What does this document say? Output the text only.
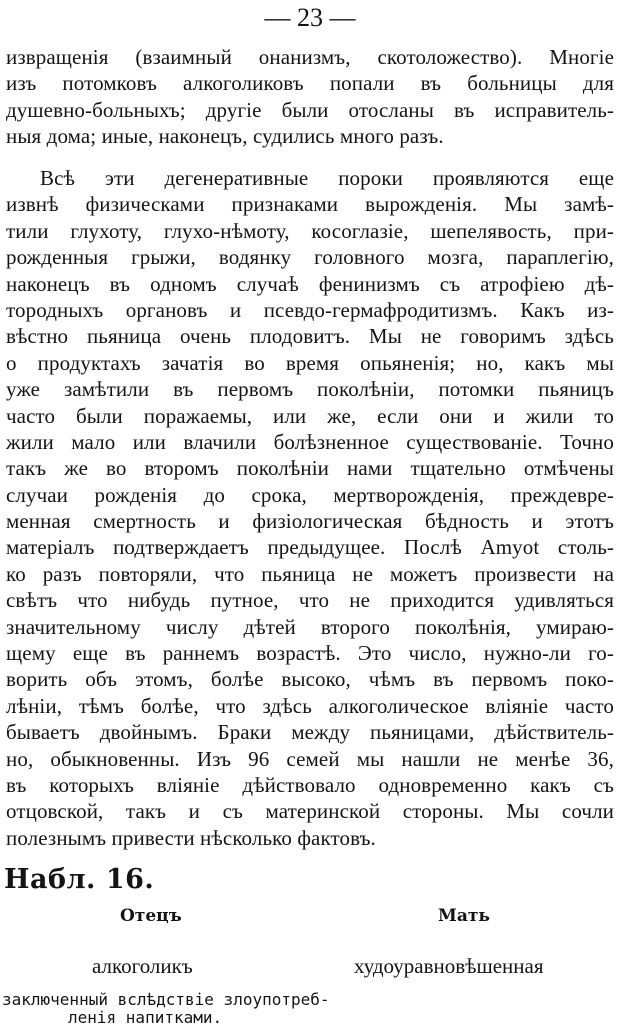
— 23 —
извращенія (взаимный онанизмъ, скотоложество). Многіе
изъ потомковъ алкоголиковъ попали въ больницы для
душевно-больныхъ; другіе были отосланы въ исправитель-
ныя дома; иные, наконецъ, судились много разъ.
Всѣ эти дегенеративные пороки проявляются еще
извнѣ физическами признаками вырожденія. Мы замѣ-
тили глухоту, глухо-нѣмоту, косоглазіе, шепелявость, при-
рожденныя грыжи, водянку головного мозга, параплегію,
наконецъ въ одномъ случаѣ фенинизмъ съ атрофіею дѣ-
тородныхъ органовъ и псевдо-гермафродитизмъ. Какъ из-
вѣстно пьяница очень плодовитъ. Мы не говоримъ здѣсь
о продуктахъ зачатія во время опьяненія; но, какъ мы
уже замѣтили въ первомъ поколѣніи, потомки пьяницъ
часто были поражаемы, или же, если они и жили то
жили мало или влачили болѣзненное существованіе. Точно
такъ же во второмъ поколѣніи нами тщательно отмѣчены
случаи рожденія до срока, мертворожденія, преждевре-
менная смертность и физіологическая бѣдность и этотъ
матеріалъ подтверждаетъ предыдущее. Послѣ Amyot столь-
ко разъ повторяли, что пьяница не можетъ произвести на
свѣтъ что нибудь путное, что не приходится удивляться
значительному числу дѣтей второго поколѣнія, умираю-
щему еще въ раннемъ возрастѣ. Это число, нужно-ли го-
ворить объ этомъ, болѣе высоко, чѣмъ въ первомъ поко-
лѣніи, тѣмъ болѣе, что здѣсь алкоголическое вліяніе часто
бываетъ двойнымъ. Браки между пьяницами, дѣйствитель-
но, обыкновенны. Изъ 96 семей мы нашли не менѣе 36,
въ которыхъ вліяніе дѣйствовало одновременно какъ съ
отцовской, такъ и съ материнской стороны. Мы сочли
полезнымъ привести нѣсколько фактовъ.
Набл. 16.
Отецъ	Мать
алкоголикъ	худоуравновѣшенная
заключенный вслѣдствіе злоупотреб-
ленія напитками.
